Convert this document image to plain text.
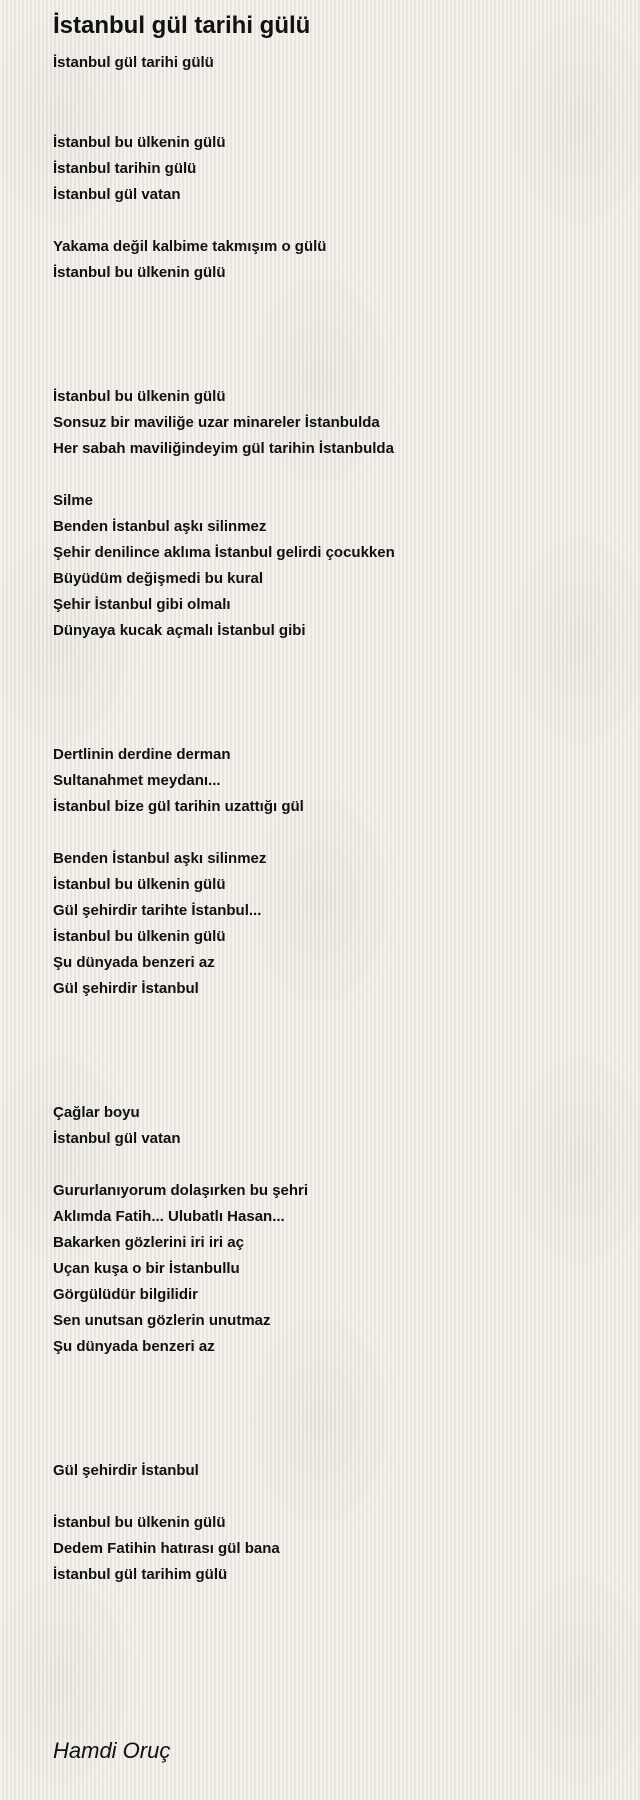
İstanbul gül tarihi gülü
İstanbul gül tarihi gülü
İstanbul bu ülkenin gülü
İstanbul tarihin gülü
İstanbul gül vatan
Yakama değil kalbime takmışım o gülü
İstanbul bu ülkenin gülü
İstanbul bu ülkenin gülü
Sonsuz bir maviliğe uzar minareler İstanbulda
Her sabah maviliğindeyim gül tarihin İstanbulda
Silme
Benden İstanbul aşkı silinmez
Şehir denilince aklıma İstanbul gelirdi çocukken
Büyüdüm değişmedi bu kural
Şehir İstanbul gibi olmalı
Dünyaya kucak açmalı İstanbul gibi
Dertlinin derdine derman
Sultanahmet meydanı...
İstanbul bize gül tarihin uzattığı gül
Benden İstanbul aşkı silinmez
İstanbul bu ülkenin gülü
Gül şehirdir tarihte İstanbul...
İstanbul bu ülkenin gülü
Şu dünyada benzeri az
Gül şehirdir İstanbul
Çağlar boyu
İstanbul gül vatan
Gururlanıyorum dolaşırken bu şehri
Aklımda Fatih... Ulubatlı Hasan...
Bakarken gözlerini iri iri aç
Uçan kuşa o bir İstanbullu
Görgülüdür bilgilidir
Sen unutsan gözlerin unutmaz
Şu dünyada benzeri az
Gül şehirdir İstanbul
İstanbul bu ülkenin gülü
Dedem Fatihin hatırası gül bana
İstanbul gül tarihim gülü
Hamdi Oruç
